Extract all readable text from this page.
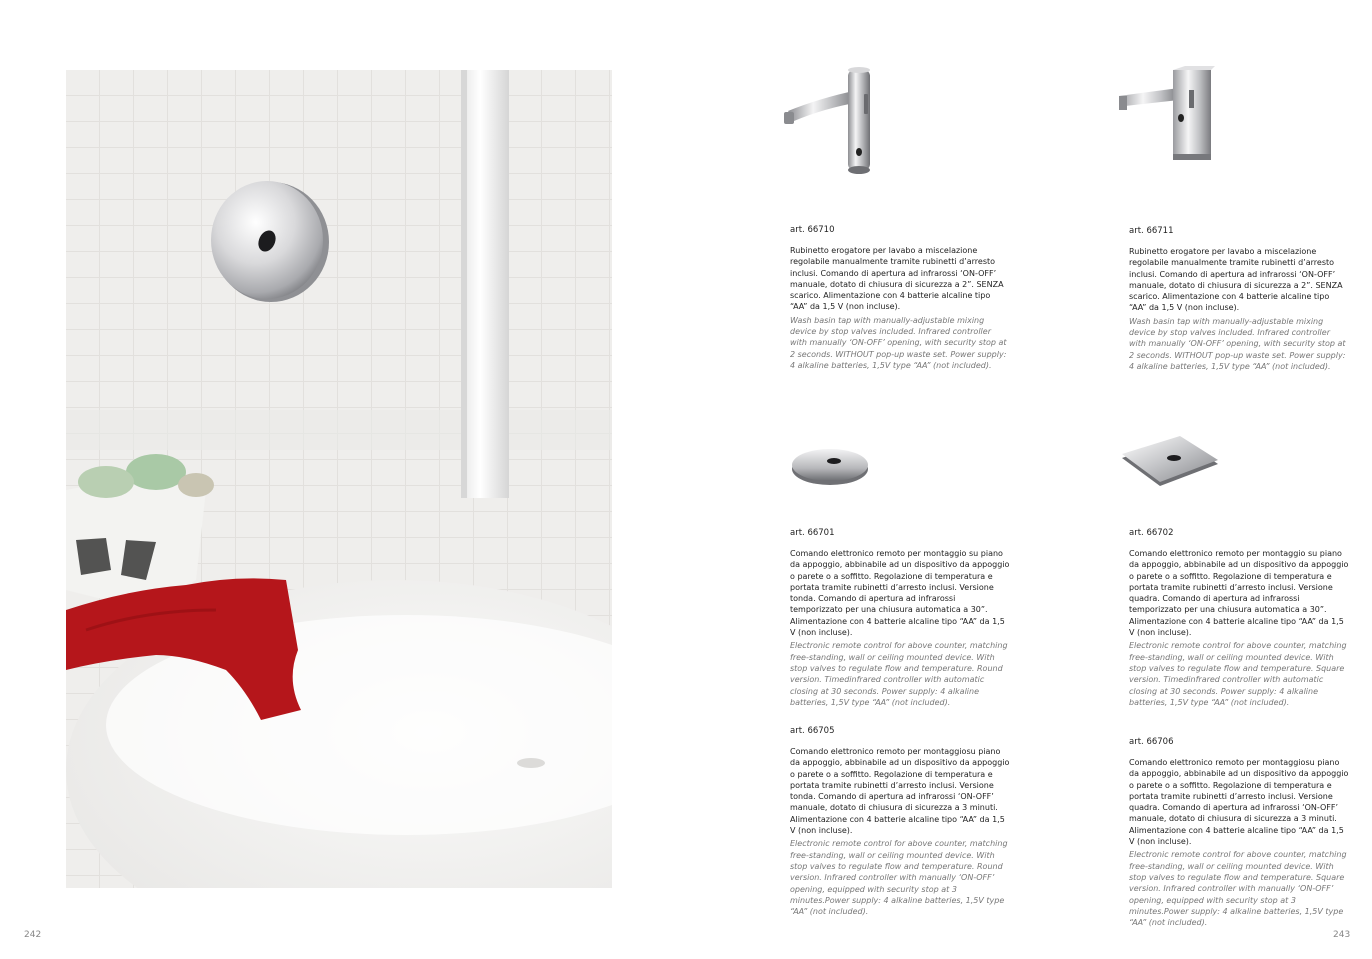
art. 66710

Rubinetto erogatore per lavabo a miscelazione regolabile manualmente tramite rubinetti d’arresto inclusi. Comando di apertura ad infrarossi ‘ON-OFF’ manuale, dotato di chiusura di sicurezza a 2”. SENZA scarico. Alimentazione con 4 batterie alcaline tipo “AA” da 1,5 V (non incluse).

Wash basin tap with manually-adjustable mixing device by stop valves included. Infrared controller with manually ‘ON-OFF’ opening, with security stop at 2 seconds. WITHOUT pop-up waste set. Power supply: 4 alkaline batteries, 1,5V type “AA” (not included).

art. 66711

Rubinetto erogatore per lavabo a miscelazione regolabile manualmente tramite rubinetti d’arresto inclusi. Comando di apertura ad infrarossi ‘ON-OFF’ manuale, dotato di chiusura di sicurezza a 2”. SENZA scarico. Alimentazione con 4 batterie alcaline tipo “AA” da 1,5 V (non incluse).

Wash basin tap with manually-adjustable mixing device by stop valves included. Infrared controller with manually ‘ON-OFF’ opening, with security stop at 2 seconds. WITHOUT pop-up waste set. Power supply: 4 alkaline batteries, 1,5V type “AA” (not included).

art. 66701

Comando elettronico remoto per montaggio su piano da appoggio, abbinabile ad un dispositivo da appoggio o parete o a soffitto. Regolazione di temperatura e portata tramite rubinetti d’arresto inclusi. Versione tonda. Comando di apertura ad infrarossi temporizzato per una chiusura automatica a 30”. Alimentazione con 4 batterie alcaline tipo “AA” da 1,5 V (non incluse).

Electronic remote control for above counter, matching free-standing, wall or ceiling mounted device. With stop valves to regulate flow and temperature. Round version. Timedinfrared controller with automatic closing at 30 seconds. Power supply: 4 alkaline batteries, 1,5V type “AA” (not included).

art. 66702

Comando elettronico remoto per montaggio su piano da appoggio, abbinabile ad un dispositivo da appoggio o parete o a soffitto. Regolazione di temperatura e portata tramite rubinetti d’arresto inclusi. Versione quadra. Comando di apertura ad infrarossi temporizzato per una chiusura automatica a 30”. Alimentazione con 4 batterie alcaline tipo “AA” da 1,5 V (non incluse).

Electronic remote control for above counter, matching free-standing, wall or ceiling mounted device. With stop valves to regulate flow and temperature. Square version. Timedinfrared controller with automatic closing at 30 seconds. Power supply: 4 alkaline batteries, 1,5V type “AA” (not included).

art. 66705

Comando elettronico remoto per montaggiosu piano da appoggio, abbinabile ad un dispositivo da appoggio o parete o a soffitto. Regolazione di temperatura e portata tramite rubinetti d’arresto inclusi. Versione tonda. Comando di apertura ad infrarossi ‘ON-OFF’ manuale, dotato di chiusura di sicurezza a 3 minuti. Alimentazione con 4 batterie alcaline tipo “AA” da 1,5 V (non incluse).

Electronic remote control for above counter, matching free-standing, wall or ceiling mounted device. With stop valves to regulate flow and temperature. Round version. Infrared controller with manually ‘ON-OFF’ opening, equipped with security stop at 3 minutes.Power supply: 4 alkaline batteries, 1,5V type “AA” (not included).

art. 66706

Comando elettronico remoto per montaggiosu piano da appoggio, abbinabile ad un dispositivo da appoggio o parete o a soffitto. Regolazione di temperatura e portata tramite rubinetti d’arresto inclusi. Versione quadra. Comando di apertura ad infrarossi ‘ON-OFF’ manuale, dotato di chiusura di sicurezza a 3 minuti. Alimentazione con 4 batterie alcaline tipo “AA” da 1,5 V (non incluse).

Electronic remote control for above counter, matching free-standing, wall or ceiling mounted device. With stop valves to regulate flow and temperature. Square version. Infrared controller with manually ‘ON-OFF’ opening, equipped with security stop at 3 minutes.Power supply: 4 alkaline batteries, 1,5V type “AA” (not included).

242	243
